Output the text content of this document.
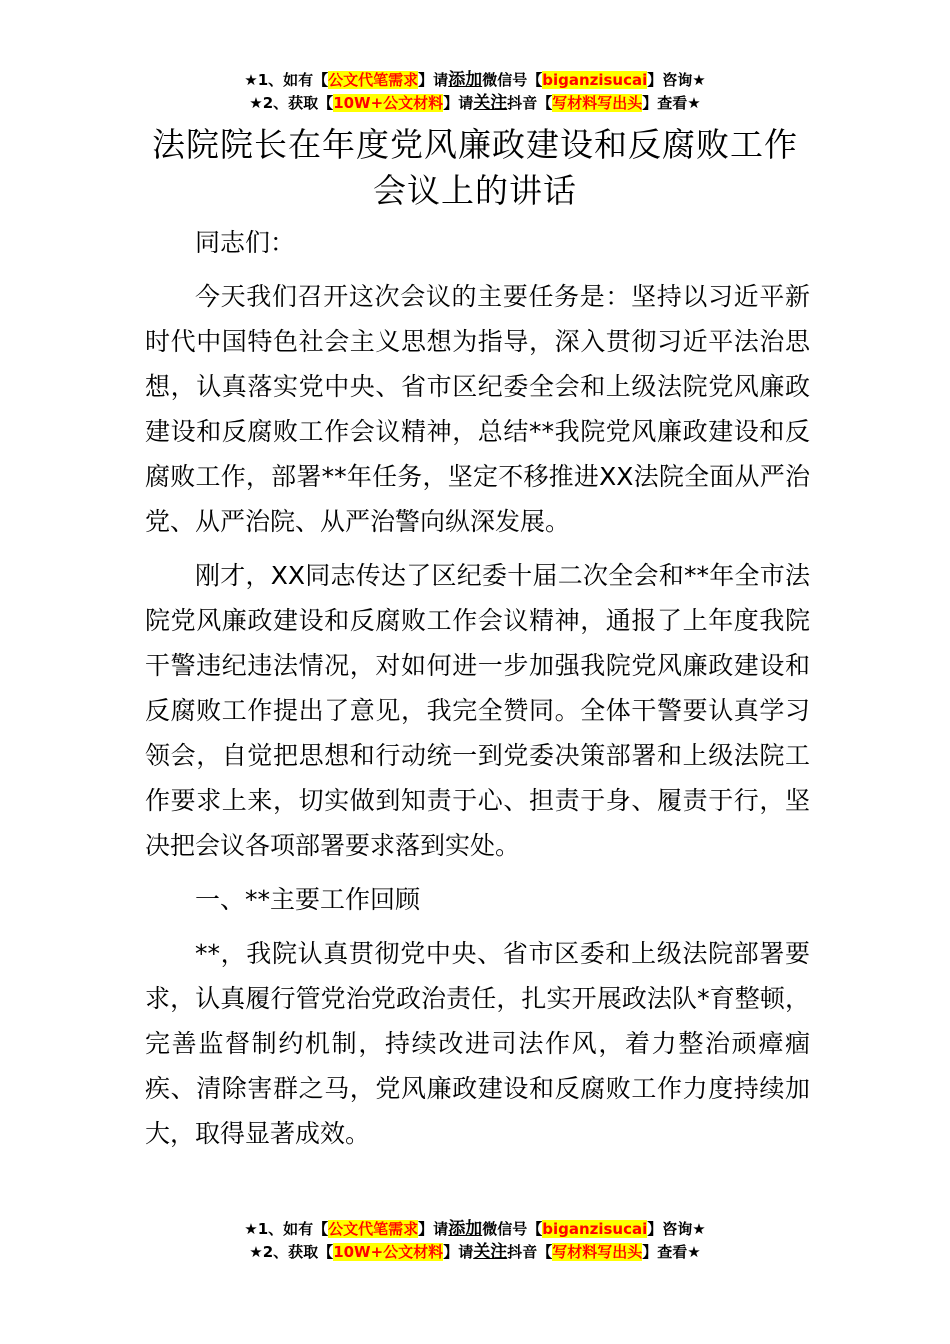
★1、如有【公文代笔需求】请添加微信号【biganzisucai】咨询★
★2、获取【10W+公文材料】请关注抖音【写材料写出头】查看★
法院院长在年度党风廉政建设和反腐败工作
会议上的讲话

同志们：

今天我们召开这次会议的主要任务是：坚持以习近平新时代中国特色社会主义思想为指导，深入贯彻习近平法治思想，认真落实党中央、省市区纪委全会和上级法院党风廉政建设和反腐败工作会议精神，总结**我院党风廉政建设和反腐败工作，部署**年任务，坚定不移推进XX法院全面从严治党、从严治院、从严治警向纵深发展。

刚才，XX同志传达了区纪委十届二次全会和**年全市法院党风廉政建设和反腐败工作会议精神，通报了上年度我院干警违纪违法情况，对如何进一步加强我院党风廉政建设和反腐败工作提出了意见，我完全赞同。全体干警要认真学习领会，自觉把思想和行动统一到党委决策部署和上级法院工作要求上来，切实做到知责于心、担责于身、履责于行，坚决把会议各项部署要求落到实处。

一、**主要工作回顾

**，我院认真贯彻党中央、省市区委和上级法院部署要求，认真履行管党治党政治责任，扎实开展政法队*育整顿，完善监督制约机制，持续改进司法作风，着力整治顽瘴痼疾、清除害群之马，党风廉政建设和反腐败工作力度持续加大，取得显著成效。

★1、如有【公文代笔需求】请添加微信号【biganzisucai】咨询★
★2、获取【10W+公文材料】请关注抖音【写材料写出头】查看★
